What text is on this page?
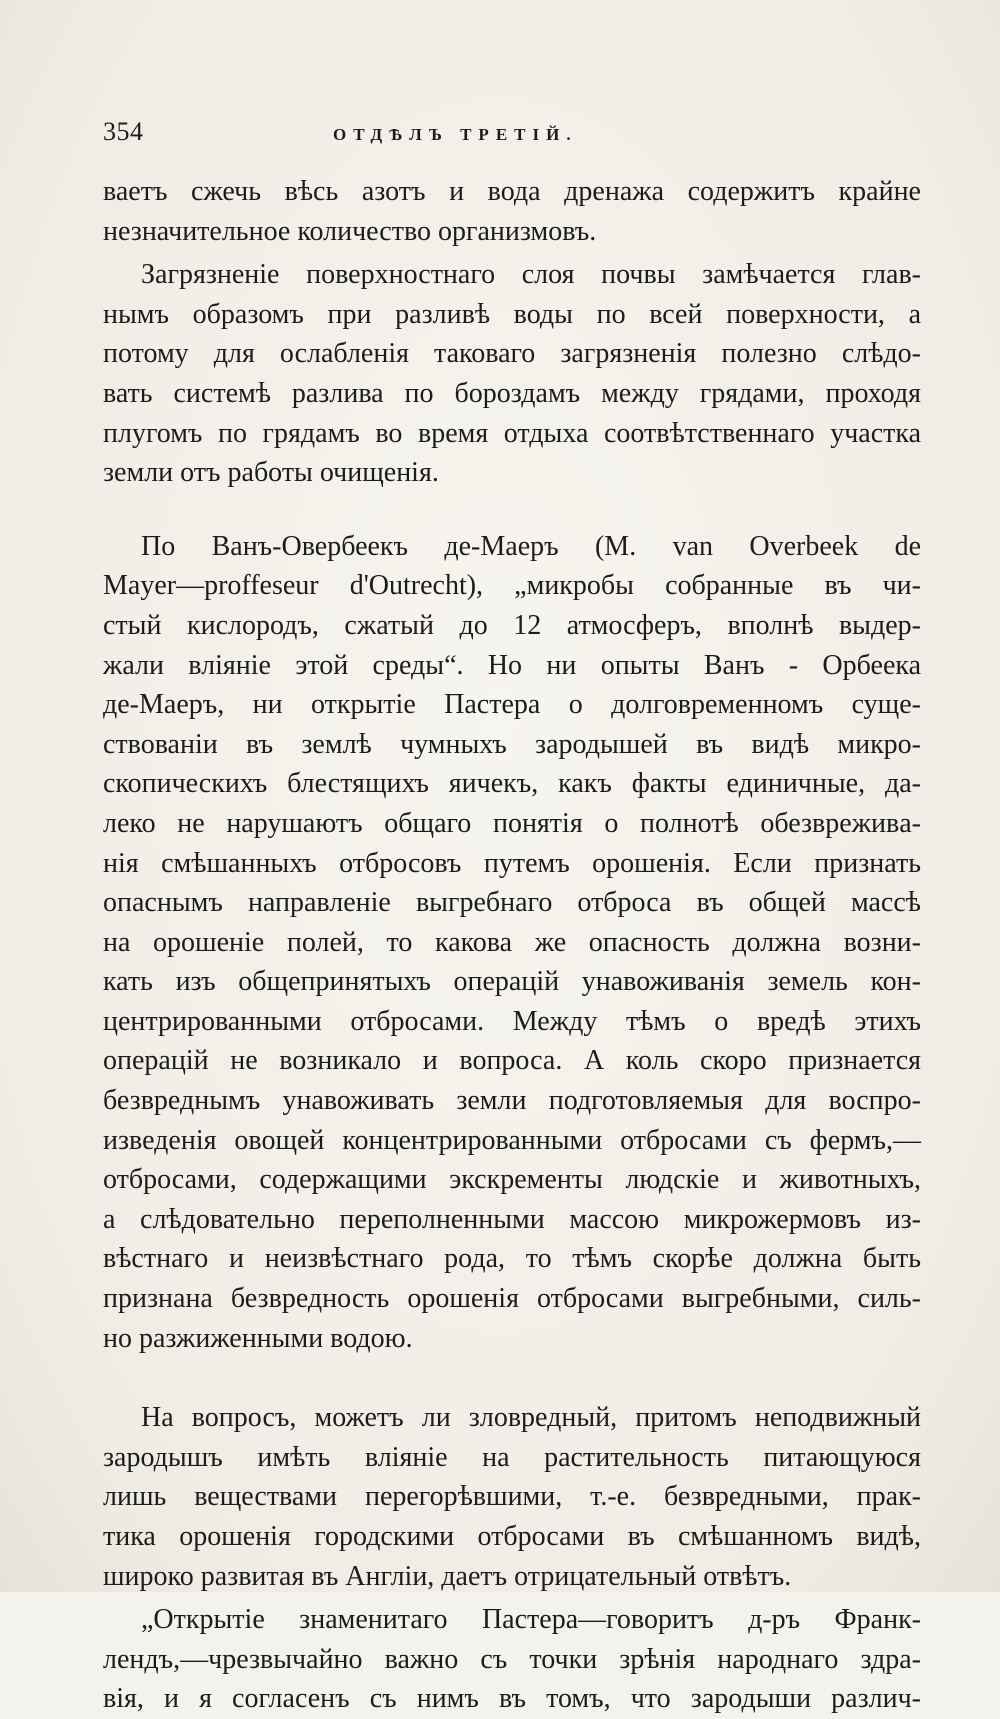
354	ОТДѢЛЪ ТРЕТІЙ.
ваетъ сжечь вѣсь азотъ и вода дренажа содержитъ крайне
незначительное количество организмовъ.
Загрязненіе поверхностнаго слоя почвы замѣчается глав-
нымъ образомъ при разливѣ воды по всей поверхности, а
потому для ослабленія таковаго загрязненія полезно слѣдо-
вать системѣ разлива по бороздамъ между грядами, проходя
плугомъ по грядамъ во время отдыха соотвѣтственнаго участка
земли отъ работы очищенія.
По Ванъ-Овербеекъ де-Маеръ (M. van Overbeek de
Mayer—proffeseur d'Outrecht), „микробы собранные въ чи-
стый кислородъ, сжатый до 12 атмосферъ, вполнѣ выдер-
жали вліяніе этой среды“. Но ни опыты Ванъ - Орбеека
де-Маеръ, ни открытіе Пастера о долговременномъ суще-
ствованіи въ землѣ чумныхъ зародышей въ видѣ микро-
скопическихъ блестящихъ яичекъ, какъ факты единичные, да-
леко не нарушаютъ общаго понятія о полнотѣ обезвреживa-
нія смѣшанныхъ отбросовъ путемъ орошенія. Если признать
опаснымъ направленіе выгребнаго отброса въ общей массѣ
на орошеніе полей, то какова же опасность должна возни-
кать изъ общепринятыхъ операцій унавоживанія земель кон-
центрированными отбросами. Между тѣмъ о вредѣ этихъ
операцій не возникало и вопроса. А коль скоро признается
безвреднымъ унавоживать земли подготовляемыя для воспро-
изведенія овощей концентрированными отбросами съ фермъ,—
отбросами, содержащими экскременты людскіе и животныхъ,
а слѣдовательно переполненными массою микрожермовъ из-
вѣстнаго и неизвѣстнаго рода, то тѣмъ скорѣе должна быть
признана безвредность орошенія отбросами выгребными, силь-
но разжиженными водою.
На вопросъ, можетъ ли зловредный, притомъ неподвижный
зародышъ имѣть вліяніе на растительность питающуюся
лишь веществами перегорѣвшими, т.-е. безвредными, прак-
тика орошенія городскими отбросами въ смѣшанномъ видѣ,
широко развитая въ Англіи, даетъ отрицательный отвѣтъ.
„Открытіе знаменитаго Пастера—говоритъ д-ръ Франк-
лендъ,—чрезвычайно важно съ точки зрѣнія народнаго здра-
вія, и я согласенъ съ нимъ въ томъ, что зародыши различ-
